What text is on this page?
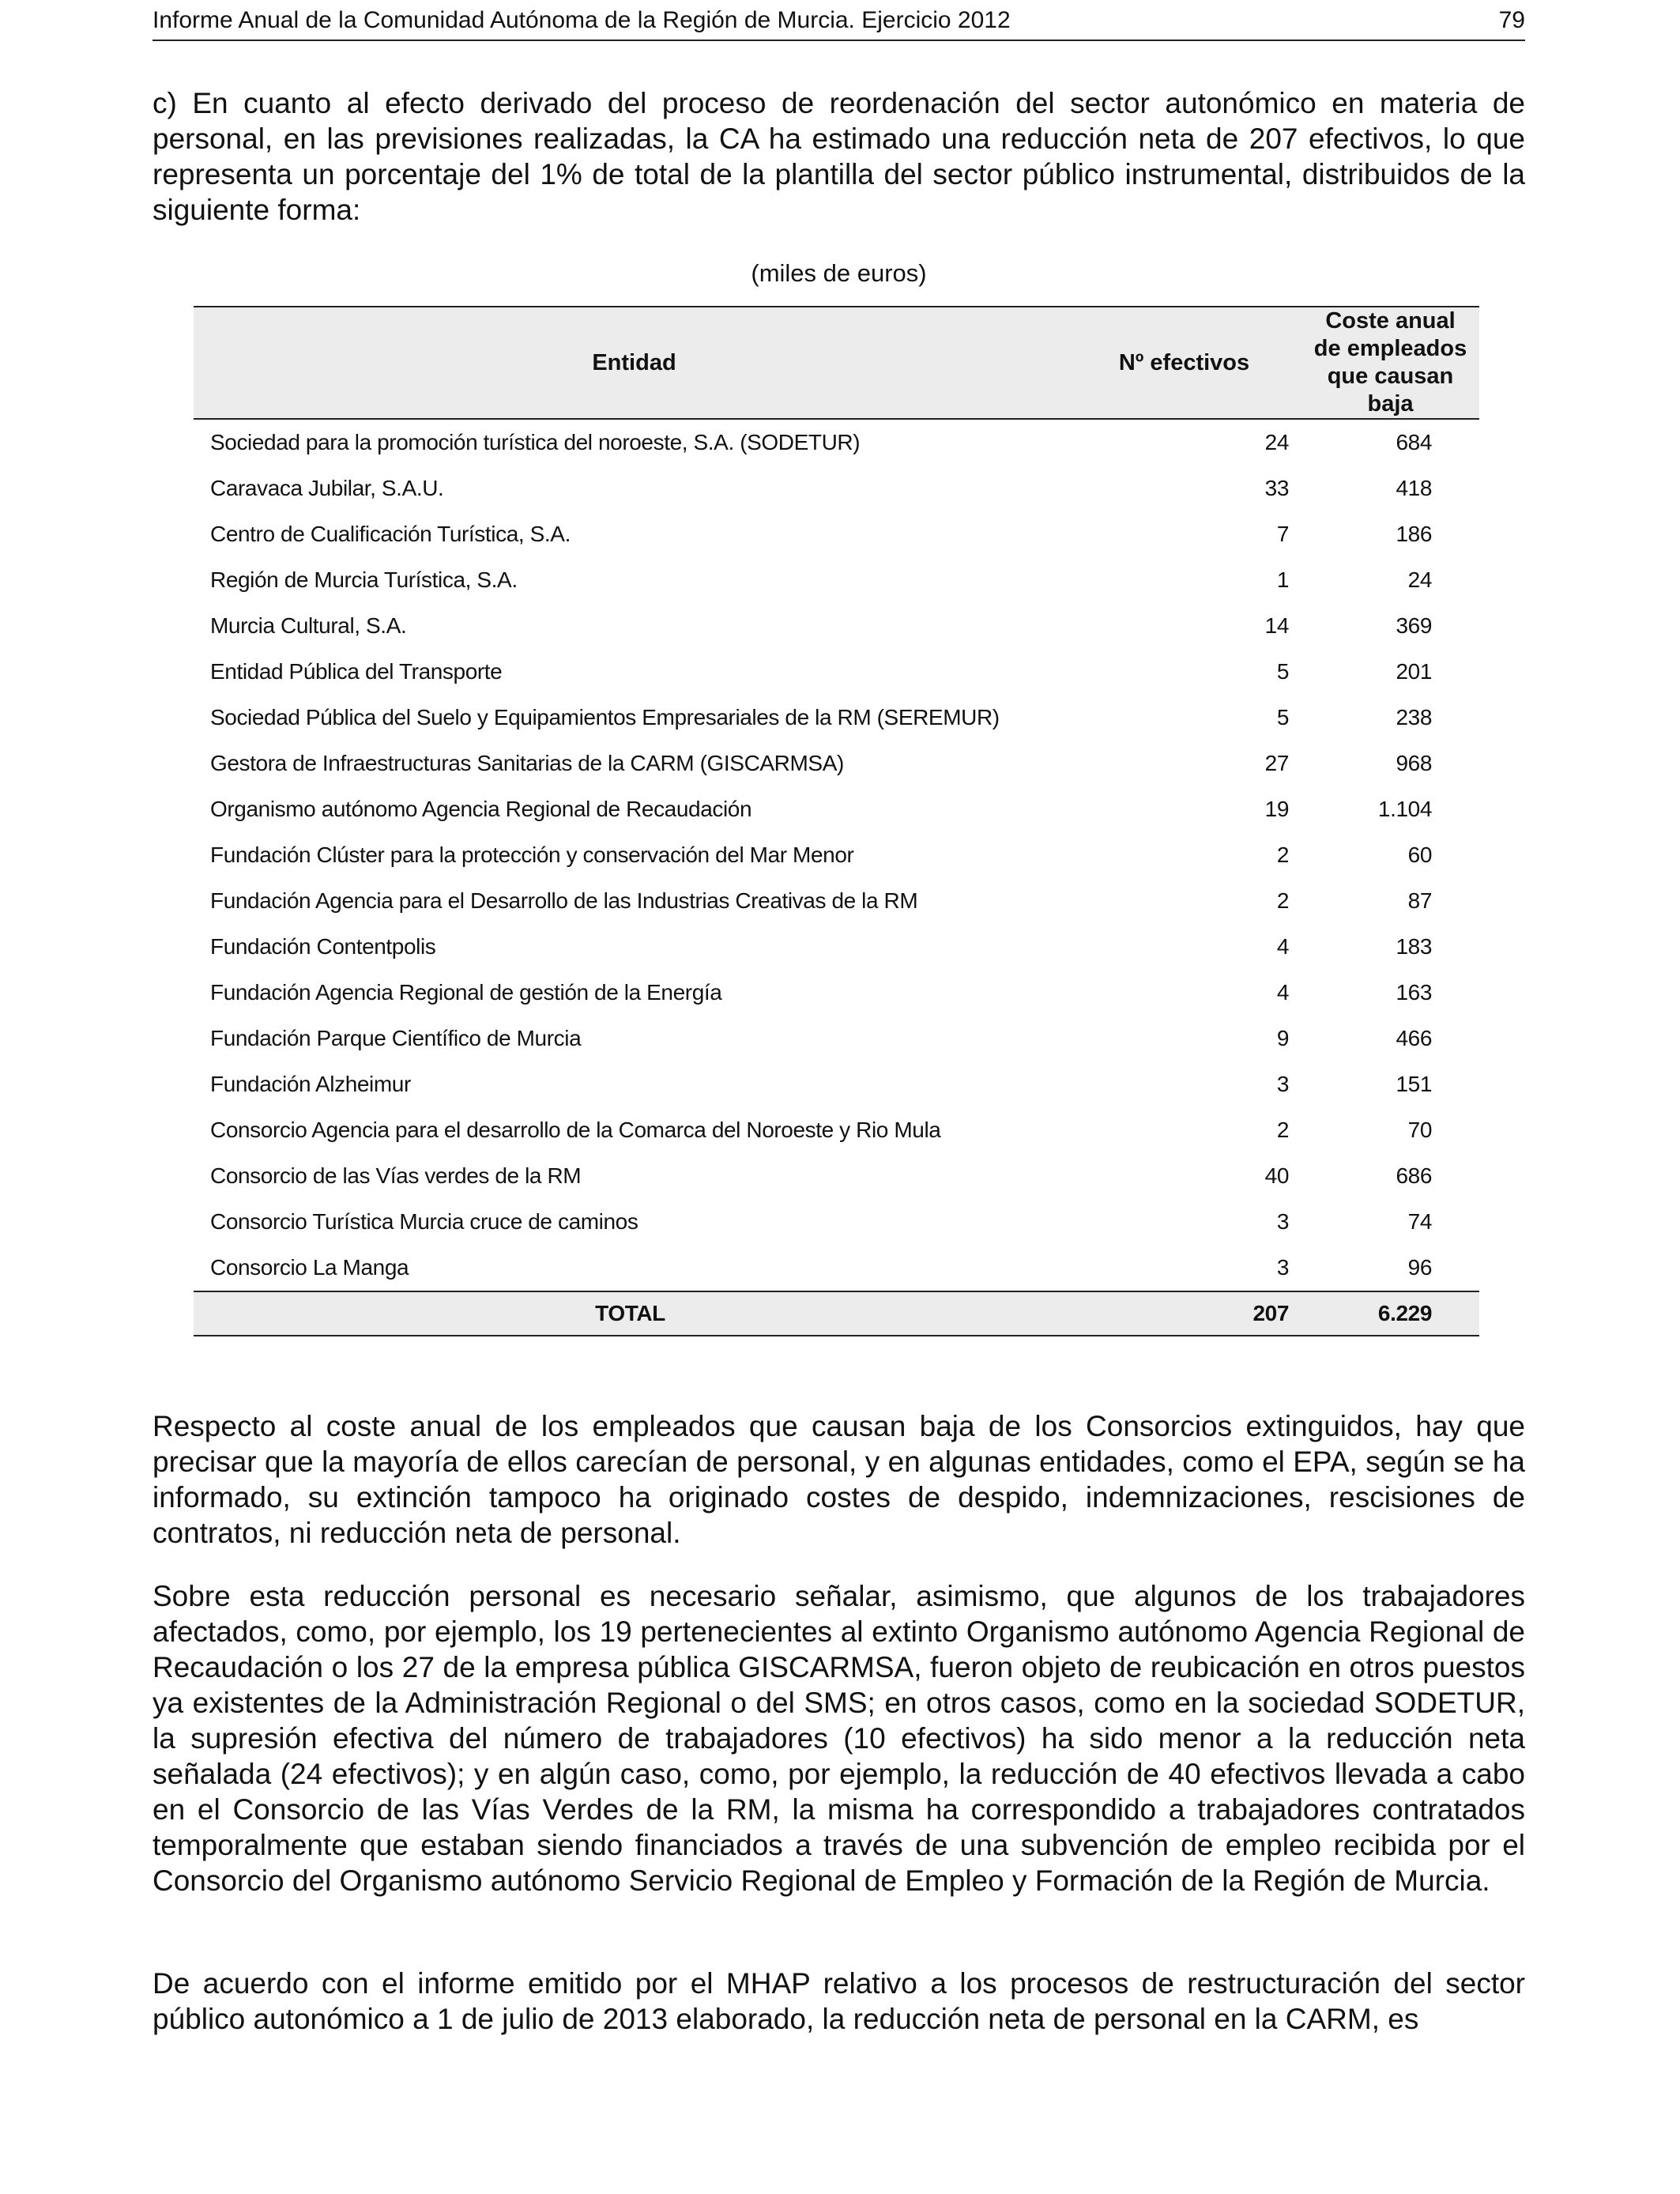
Informe Anual de la Comunidad Autónoma de la Región de Murcia. Ejercicio 2012	79

c) En cuanto al efecto derivado del proceso de reordenación del sector autonómico en materia de personal, en las previsiones realizadas, la CA ha estimado una reducción neta de 207 efectivos, lo que representa un porcentaje del 1% de total de la plantilla del sector público instrumental, distribuidos de la siguiente forma:

(miles de euros)
Entidad	Nº efectivos	Coste anual de empleados que causan baja
Sociedad para la promoción turística del noroeste, S.A. (SODETUR)	24	684
Caravaca Jubilar, S.A.U.	33	418
Centro de Cualificación Turística, S.A.	7	186
Región de Murcia Turística, S.A.	1	24
Murcia Cultural, S.A.	14	369
Entidad Pública del Transporte	5	201
Sociedad Pública del Suelo y Equipamientos Empresariales de la RM (SEREMUR)	5	238
Gestora de Infraestructuras Sanitarias de la CARM (GISCARMSA)	27	968
Organismo autónomo Agencia Regional de Recaudación	19	1.104
Fundación Clúster para la protección y conservación del Mar Menor	2	60
Fundación Agencia para el Desarrollo de las Industrias Creativas de la RM	2	87
Fundación Contentpolis	4	183
Fundación Agencia Regional de gestión de la Energía	4	163
Fundación Parque Científico de Murcia	9	466
Fundación Alzheimur	3	151
Consorcio Agencia para el desarrollo de la Comarca del Noroeste y Rio Mula	2	70
Consorcio de las Vías verdes de la RM	40	686
Consorcio Turística Murcia cruce de caminos	3	74
Consorcio La Manga	3	96
TOTAL	207	6.229

Respecto al coste anual de los empleados que causan baja de los Consorcios extinguidos, hay que precisar que la mayoría de ellos carecían de personal, y en algunas entidades, como el EPA, según se ha informado, su extinción tampoco ha originado costes de despido, indemnizaciones, rescisiones de contratos, ni reducción neta de personal.

Sobre esta reducción personal es necesario señalar, asimismo, que algunos de los trabajadores afectados, como, por ejemplo, los 19 pertenecientes al extinto Organismo autónomo Agencia Regional de Recaudación o los 27 de la empresa pública GISCARMSA, fueron objeto de reubicación en otros puestos ya existentes de la Administración Regional o del SMS; en otros casos, como en la sociedad SODETUR, la supresión efectiva del número de trabajadores (10 efectivos) ha sido menor a la reducción neta señalada (24 efectivos); y en algún caso, como, por ejemplo, la reducción de 40 efectivos llevada a cabo en el Consorcio de las Vías Verdes de la RM, la misma ha correspondido a trabajadores contratados temporalmente que estaban siendo financiados a través de una subvención de empleo recibida por el Consorcio del Organismo autónomo Servicio Regional de Empleo y Formación de la Región de Murcia.

De acuerdo con el informe emitido por el MHAP relativo a los procesos de restructuración del sector público autonómico a 1 de julio de 2013 elaborado, la reducción neta de personal en la CARM, es
